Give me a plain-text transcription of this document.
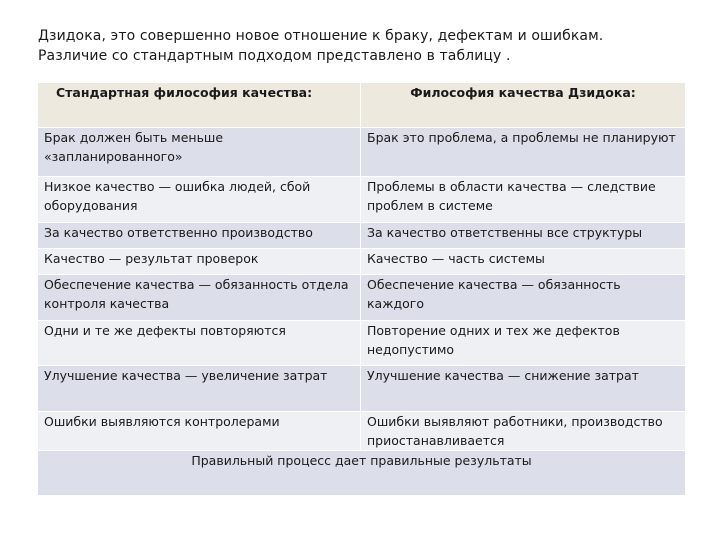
Дзидока, это совершенно новое отношение к браку, дефектам и ошибкам.

Различие со стандартным подходом представлено в таблицу .

Стандартная философия качества:	Философия качества Дзидока:
Брак должен быть меньше «запланированного»	Брак это проблема, а проблемы не планируют
Низкое качество — ошибка людей, сбой оборудования	Проблемы в области качества — следствие проблем в системе
За качество ответственно производство	За качество ответственны все структуры
Качество — результат проверок	Качество — часть системы
Обеспечение качества — обязанность отдела контроля качества	Обеспечение качества — обязанность каждого
Одни и те же дефекты повторяются	Повторение одних и тех же дефектов недопустимо
Улучшение качества — увеличение затрат	Улучшение качества — снижение затрат
Ошибки выявляются контролерами	Ошибки выявляют работники, производство приостанавливается
Правильный процесс дает правильные результаты	
